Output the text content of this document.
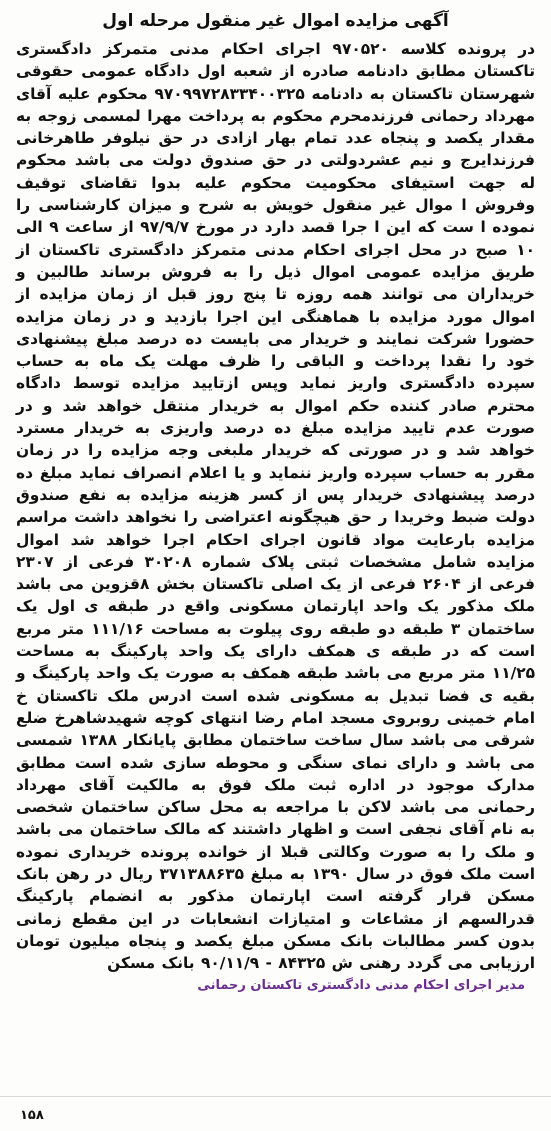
آگهی مزایده اموال غیر منقول مرحله اول
در پرونده کلاسه ۹۷۰۵۲۰ اجرای احکام مدنی متمرکز دادگستری تاکستان مطابق دادنامه صادره از شعبه اول دادگاه عمومی حقوقی شهرستان تاکستان به دادنامه ۹۷۰۹۹۷۲۸۳۳۴۰۰۳۲۵ محکوم علیه آقای مهرداد رحمانی فرزندمحرم محکوم به پرداخت مهرا لمسمی زوجه به مقدار یکصد و پنجاه عدد تمام بهار ازادی در حق نیلوفر طاهرخانی فرزندایرج و نیم عشردولتی در حق صندوق دولت می باشد محکوم له جهت استیفای محکومیت محکوم علیه بدوا تقاضای توقیف وفروش ا موال غیر منقول خویش به شرح و میزان کارشناسی را نموده ا ست که این ا جرا قصد دارد در مورخ ۹۷/۹/۷ از ساعت ۹ الی ۱۰ صبح در محل اجرای احکام مدنی متمرکز دادگستری تاکستان از طریق مزایده عمومی اموال ذیل را به فروش برساند طالبین و خریداران می توانند همه روزه تا پنج روز قبل از زمان مزایده از اموال مورد مزایده با هماهنگی این اجرا بازدید و در زمان مزایده حضورا شرکت نمایند و خریدار می بایست ده درصد مبلغ پیشنهادی خود را نقدا پرداخت و الباقی را ظرف مهلت یک ماه به حساب سپرده دادگستری واریز نماید وپس ازتایید مزایده توسط دادگاه محترم صادر کننده حکم اموال به خریدار منتقل خواهد شد و در صورت عدم تایید مزایده مبلغ ده درصد واریزی به خریدار مسترد خواهد شد و در صورتی که خریدار ملبغی وجه مزایده را در زمان مقرر به حساب سپرده واریز ننماید و یا اعلام انصراف نماید مبلغ ده درصد پیشنهادی خریدار پس از کسر هزینه مزایده به نفع صندوق دولت ضبط وخریدا ر حق هیچگونه اعتراضی را نخواهد داشت مراسم مزایده بارعایت مواد قانون اجرای احکام اجرا خواهد شد اموال مزایده شامل مشخصات ثبتی پلاک شماره ۳۰۲۰۸ فرعی از ۲۳۰۷ فرعی از ۲۶۰۴ فرعی از یک اصلی تاکستان بخش ۸قزوین می باشد ملک مذکور یک واحد اپارتمان مسکونی واقع در طبقه ی اول یک ساختمان ۳ طبقه دو طبقه روی پیلوت به مساحت ۱۱۱/۱۶ متر مربع است که در طبقه ی همکف دارای یک واحد پارکینگ به مساحت ۱۱/۲۵ متر مربع می باشد طبقه همکف به صورت یک واحد پارکینگ و بقیه ی فضا تبدیل به مسکونی شده است ادرس ملک تاکستان خ امام خمینی روبروی مسجد امام رضا انتهای کوچه شهیدشاهرخ ضلع شرقی می باشد سال ساخت ساختمان مطابق پایانکار ۱۳۸۸ شمسی می باشد و دارای نمای سنگی و محوطه سازی شده است مطابق مدارک موجود در اداره ثبت ملک فوق به مالکیت آقای مهرداد رحمانی می باشد لاکن با مراجعه به محل ساکن ساختمان شخصی به نام آقای نجفی است و اظهار داشتند که مالک ساختمان می باشد و ملک را به صورت وکالتی قبلا از خوانده پرونده خریداری نموده است ملک فوق در سال ۱۳۹۰ به مبلغ ۳۷۱۳۸۸۶۳۵ ریال در رهن بانک مسکن قرار گرفته است اپارتمان مذکور به انضمام پارکینگ قدرالسهم از مشاعات و امتیازات انشعابات در این مقطع زمانی بدون کسر مطالبات بانک مسکن مبلغ یکصد و پنجاه میلیون تومان ارزیابی می گردد رهنی ش ۸۴۳۲۵ - ۹۰/۱۱/۹ بانک مسکن
مدیر اجرای احکام مدنی دادگستری تاکستان رحمانی
۱۵۸
